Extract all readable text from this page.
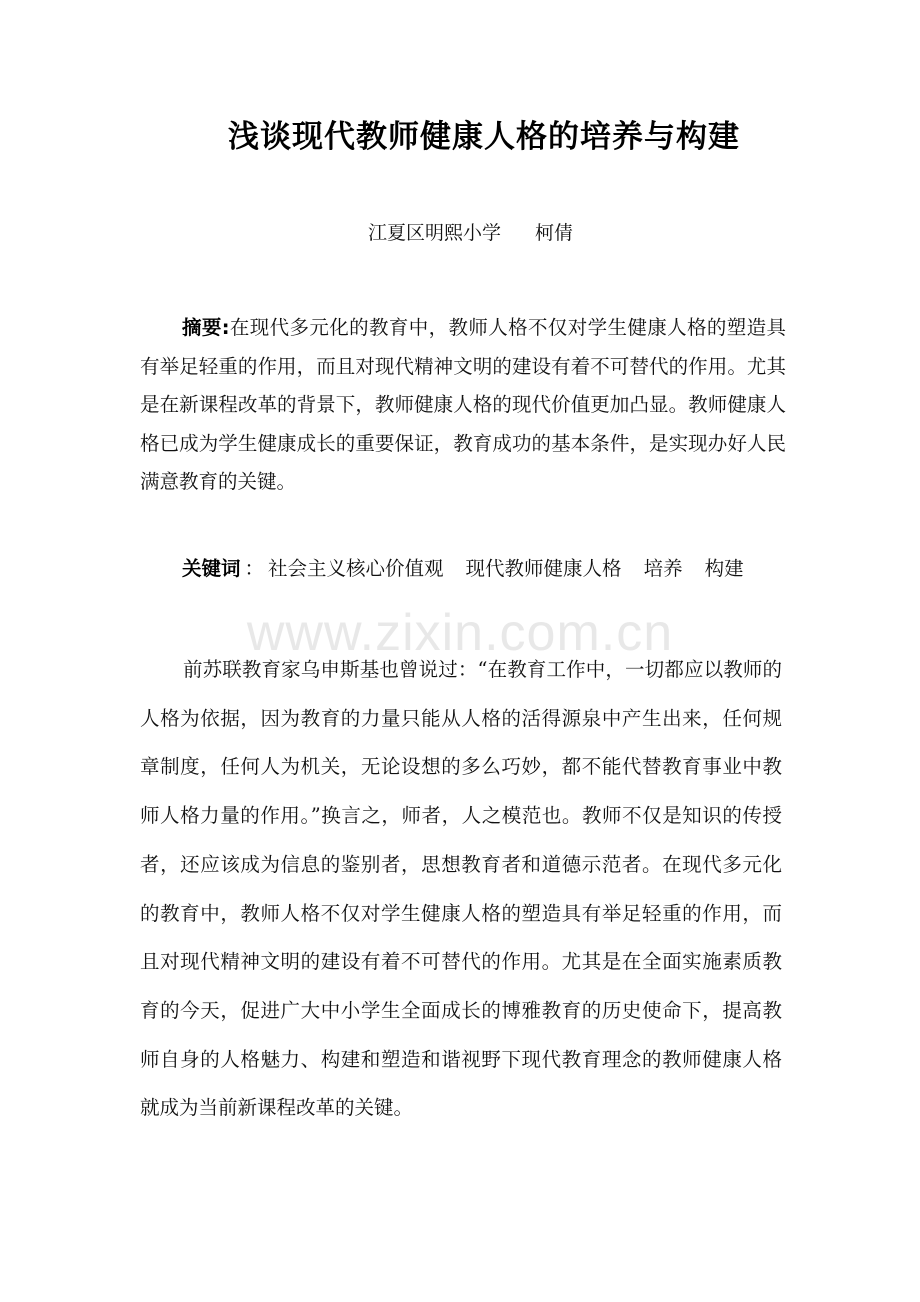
浅谈现代教师健康人格的培养与构建
江夏区明熙小学 柯倩

摘要:在现代多元化的教育中，教师人格不仅对学生健康人格的塑造具有举足轻重的作用，而且对现代精神文明的建设有着不可替代的作用。尤其是在新课程改革的背景下，教师健康人格的现代价值更加凸显。教师健康人格已成为学生健康成长的重要保证，教育成功的基本条件，是实现办好人民满意教育的关键。

关键词 ： 社会主义核心价值观 现代教师健康人格 培养 构建

www.zixin.com.cn

前苏联教育家乌申斯基也曾说过：“在教育工作中，一切都应以教师的人格为依据，因为教育的力量只能从人格的活得源泉中产生出来，任何规章制度，任何人为机关，无论设想的多么巧妙，都不能代替教育事业中教师人格力量的作用。”换言之，师者，人之模范也。教师不仅是知识的传授者，还应该成为信息的鉴别者，思想教育者和道德示范者。在现代多元化的教育中，教师人格不仅对学生健康人格的塑造具有举足轻重的作用，而且对现代精神文明的建设有着不可替代的作用。尤其是在全面实施素质教育的今天，促进广大中小学生全面成长的博雅教育的历史使命下，提高教师自身的人格魅力、构建和塑造和谐视野下现代教育理念的教师健康人格就成为当前新课程改革的关键。
